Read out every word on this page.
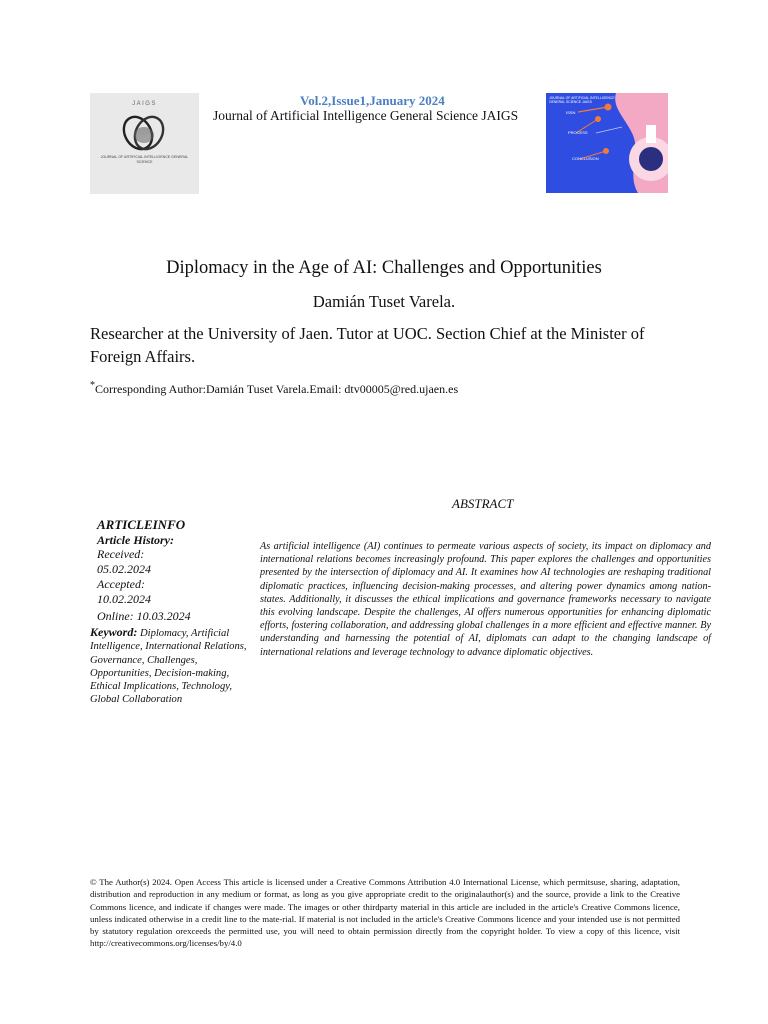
JAIGS
JOURNAL OF ARTIFICIAL INTELLIGENCE GENERAL SCIENCE
Vol.2,Issue1,January 2024
Journal of Artificial Intelligence General Science JAIGS
JOURNAL OF ARTIFICIAL INTELLIGENCE GENERAL SCIENCE JAIGS
ISSN
PROCESS
CONCLUSION
Diplomacy in the Age of AI: Challenges and Opportunities
Damián Tuset Varela.
Researcher at the University of Jaen. Tutor at UOC. Section Chief at the Minister of Foreign Affairs.
*Corresponding Author:Damián Tuset Varela.Email: dtv00005@red.ujaen.es
ABSTRACT
ARTICLEINFO
Article History:
Received:
05.02.2024
Accepted:
10.02.2024
Online: 10.03.2024
Keyword: Diplomacy, Artificial Intelligence, International Relations, Governance, Challenges, Opportunities, Decision-making, Ethical Implications, Technology, Global Collaboration
As artificial intelligence (AI) continues to permeate various aspects of society, its impact on diplomacy and international relations becomes increasingly profound. This paper explores the challenges and opportunities presented by the intersection of diplomacy and AI. It examines how AI technologies are reshaping traditional diplomatic practices, influencing decision-making processes, and altering power dynamics among nation-states. Additionally, it discusses the ethical implications and governance frameworks necessary to navigate this evolving landscape. Despite the challenges, AI offers numerous opportunities for enhancing diplomatic efforts, fostering collaboration, and addressing global challenges in a more efficient and effective manner. By understanding and harnessing the potential of AI, diplomats can adapt to the changing landscape of international relations and leverage technology to advance diplomatic objectives.
© The Author(s) 2024. Open Access This article is licensed under a Creative Commons Attribution 4.0 International License, which permitsuse, sharing, adaptation, distribution and reproduction in any medium or format, as long as you give appropriate credit to the originalauthor(s) and the source, provide a link to the Creative Commons licence, and indicate if changes were made. The images or other thirdparty material in this article are included in the article's Creative Commons licence, unless indicated otherwise in a credit line to the mate-rial. If material is not included in the article's Creative Commons licence and your intended use is not permitted by statutory regulation orexceeds the permitted use, you will need to obtain permission directly from the copyright holder. To view a copy of this licence, visit http://creativecommons.org/licenses/by/4.0
